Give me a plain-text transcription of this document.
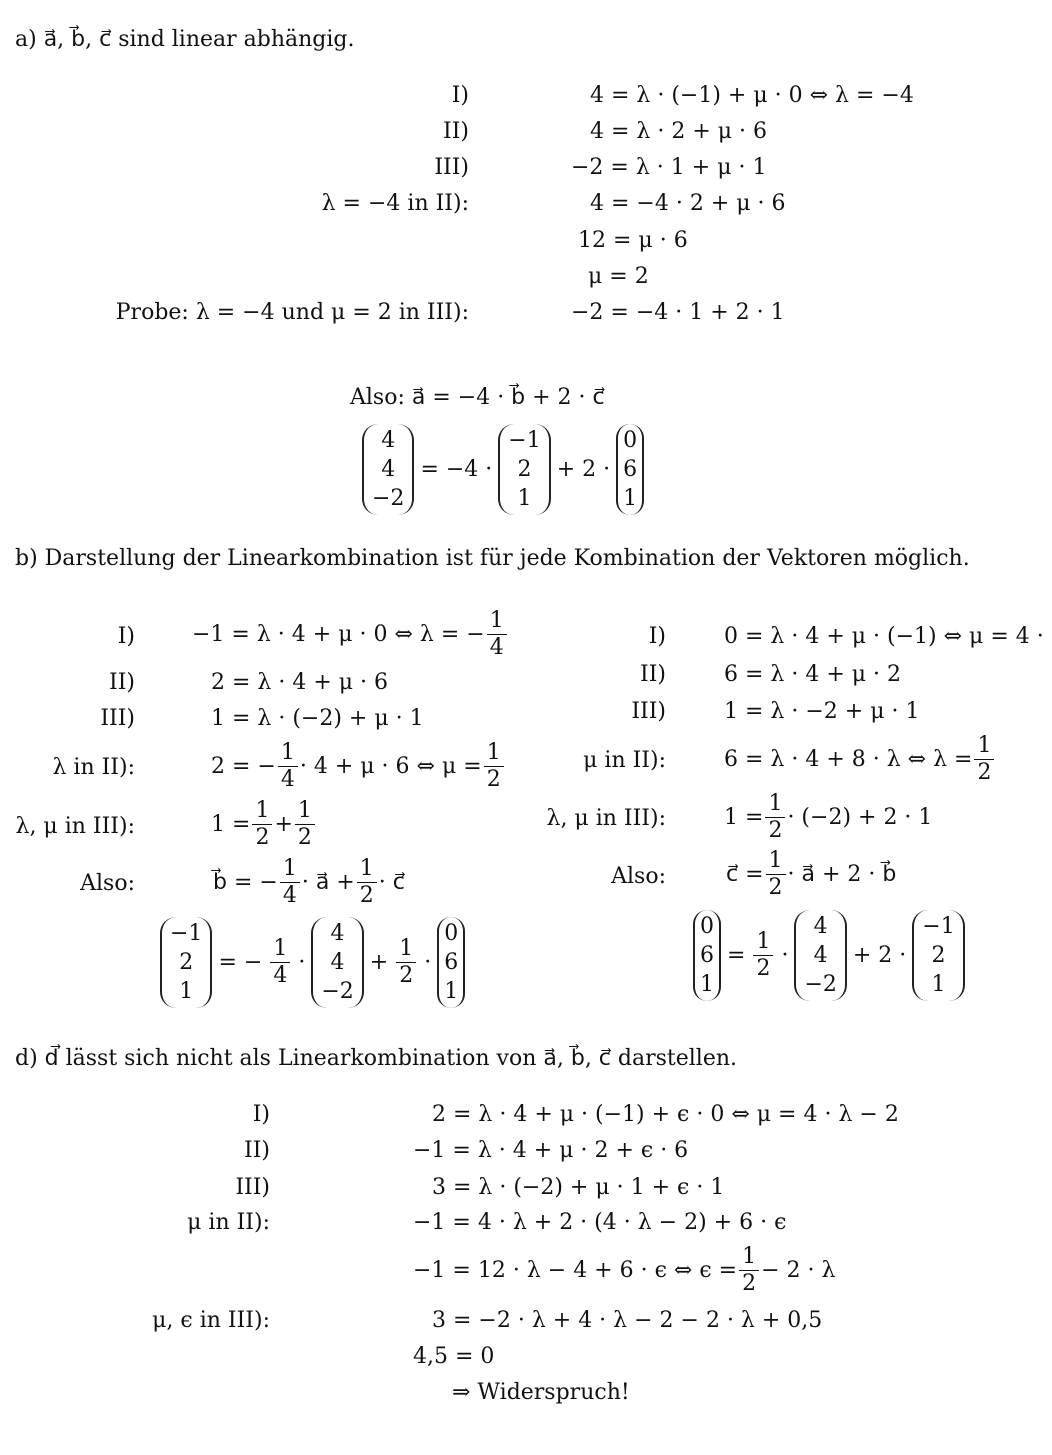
a) a⃗, b⃗, c⃗ sind linear abhängig.
I)	4 = λ · (−1) + μ · 0 ⇔ λ = −4
II)	4 = λ · 2 + μ · 6
III)	−2 = λ · 1 + μ · 1
λ = −4 in II):	4 = −4 · 2 + μ · 6
12 = μ · 6
μ = 2
Probe: λ = −4 und μ = 2 in III):	−2 = −4 · 1 + 2 · 1
Also: a⃗ = −4 · b⃗ + 2 · c⃗
4
4
−2
= −4 ·
−1
2
1
+ 2 ·
0
6
1
b) Darstellung der Linearkombination ist für jede Kombination der Vektoren möglich.
I)	−1 = λ · 4 + μ · 0 ⇔ λ = − $\frac{1}{4}$
II)	2 = λ · 4 + μ · 6
III)	1 = λ · (−2) + μ · 1
λ in II):	2 = − $\frac{1}{4} \cdot 4 + \mu \cdot 6$ ⇔ $\mu = \frac{1}{2}$
λ, μ in III):	$1 = \frac{1}{2} + \frac{1}{2}$
Also:	b⃗ = − $\frac{1}{4}$ · a⃗ + $\frac{1}{2}$ · c⃗
−1
2
1
= − $\frac{1}{4}$ ·
4
4
−2
+ $\frac{1}{2}$ ·
0
6
1
I)	0 = λ · 4 + μ · (−1) ⇔ μ = 4 ·
II)	6 = λ · 4 + μ · 2
III)	1 = λ · −2 + μ · 1
μ in II):	6 = λ · 4 + 8 · λ ⇔ $\lambda = \frac{1}{2}$
λ, μ in III):	$1 = \frac{1}{2} \cdot (-2) + 2 \cdot 1$
Also:	c⃗ = $\frac{1}{2}$ · a⃗ + 2 · b⃗
0
6
1
= $\frac{1}{2}$ ·
4
4
−2
+ 2 ·
−1
2
1
d) d⃗ lässt sich nicht als Linearkombination von a⃗, b⃗, c⃗ darstellen.
I)	2 = λ · 4 + μ · (−1) + ϵ · 0 ⇔ μ = 4 · λ − 2
II)	−1 = λ · 4 + μ · 2 + ϵ · 6
III)	3 = λ · (−2) + μ · 1 + ϵ · 1
μ in II):	−1 = 4 · λ + 2 · (4 · λ − 2) + 6 · ϵ
−1 = 12 · λ − 4 + 6 · ϵ ⇔ $\epsilon = \frac{1}{2} - 2 \cdot \lambda$
μ, ϵ in III):	3 = −2 · λ + 4 · λ − 2 − 2 · λ + 0,5
4,5 = 0
⇒ Widerspruch!
